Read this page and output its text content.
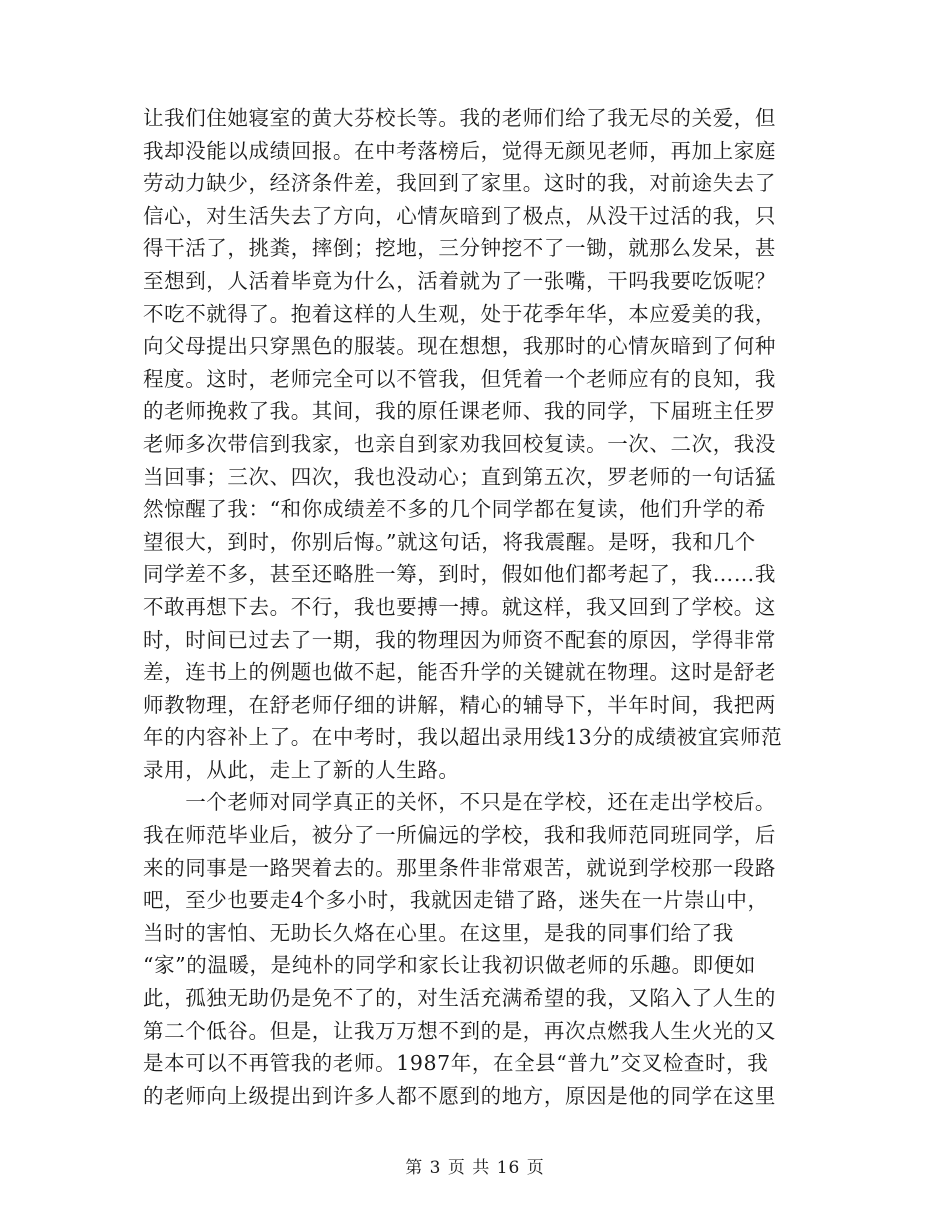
让我们住她寝室的黄大芬校长等。我的老师们给了我无尽的关爱，但
我却没能以成绩回报。在中考落榜后，觉得无颜见老师，再加上家庭
劳动力缺少，经济条件差，我回到了家里。这时的我，对前途失去了
信心，对生活失去了方向，心情灰暗到了极点，从没干过活的我，只
得干活了，挑粪，摔倒；挖地，三分钟挖不了一锄，就那么发呆，甚
至想到，人活着毕竟为什么，活着就为了一张嘴，干吗我要吃饭呢？
不吃不就得了。抱着这样的人生观，处于花季年华，本应爱美的我，
向父母提出只穿黑色的服装。现在想想，我那时的心情灰暗到了何种
程度。这时，老师完全可以不管我，但凭着一个老师应有的良知，我
的老师挽救了我。其间，我的原任课老师、我的同学，下届班主任罗
老师多次带信到我家，也亲自到家劝我回校复读。一次、二次，我没
当回事；三次、四次，我也没动心；直到第五次，罗老师的一句话猛
然惊醒了我：“和你成绩差不多的几个同学都在复读，他们升学的希
望很大，到时，你别后悔。”就这句话，将我震醒。是呀，我和几个
同学差不多，甚至还略胜一筹，到时，假如他们都考起了，我……我
不敢再想下去。不行，我也要搏一搏。就这样，我又回到了学校。这
时，时间已过去了一期，我的物理因为师资不配套的原因，学得非常
差，连书上的例题也做不起，能否升学的关键就在物理。这时是舒老
师教物理，在舒老师仔细的讲解，精心的辅导下，半年时间，我把两
年的内容补上了。在中考时，我以超出录用线13分的成绩被宜宾师范
录用，从此，走上了新的人生路。
　　一个老师对同学真正的关怀，不只是在学校，还在走出学校后。
我在师范毕业后，被分了一所偏远的学校，我和我师范同班同学，后
来的同事是一路哭着去的。那里条件非常艰苦，就说到学校那一段路
吧，至少也要走4个多小时，我就因走错了路，迷失在一片崇山中，
当时的害怕、无助长久烙在心里。在这里，是我的同事们给了我
“家”的温暖，是纯朴的同学和家长让我初识做老师的乐趣。即便如
此，孤独无助仍是免不了的，对生活充满希望的我，又陷入了人生的
第二个低谷。但是，让我万万想不到的是，再次点燃我人生火光的又
是本可以不再管我的老师。1987年，在全县“普九”交叉检查时，我
的老师向上级提出到许多人都不愿到的地方，原因是他的同学在这里
第 3 页 共 16 页
